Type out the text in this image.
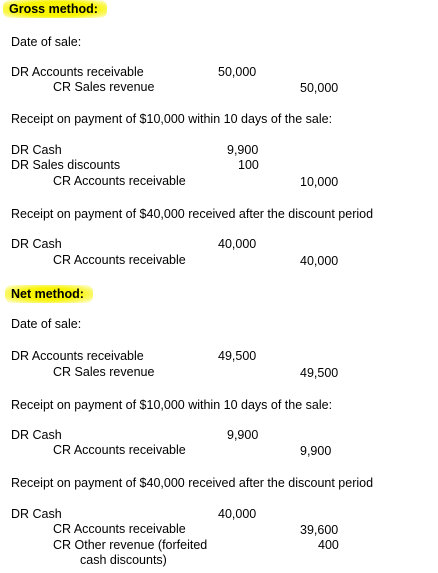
Gross method:
Date of sale:
DR Accounts receivable	50,000
CR Sales revenue	50,000
Receipt on payment of $10,000 within 10 days of the sale:
DR Cash	9,900
DR Sales discounts	100
CR Accounts receivable	10,000
Receipt on payment of $40,000 received after the discount period
DR Cash	40,000
CR Accounts receivable	40,000
Net method:
Date of sale:
DR Accounts receivable	49,500
CR Sales revenue	49,500
Receipt on payment of $10,000 within 10 days of the sale:
DR Cash	9,900
CR Accounts receivable	9,900
Receipt on payment of $40,000 received after the discount period
DR Cash	40,000
CR Accounts receivable	39,600
CR Other revenue (forfeited	400
cash discounts)
